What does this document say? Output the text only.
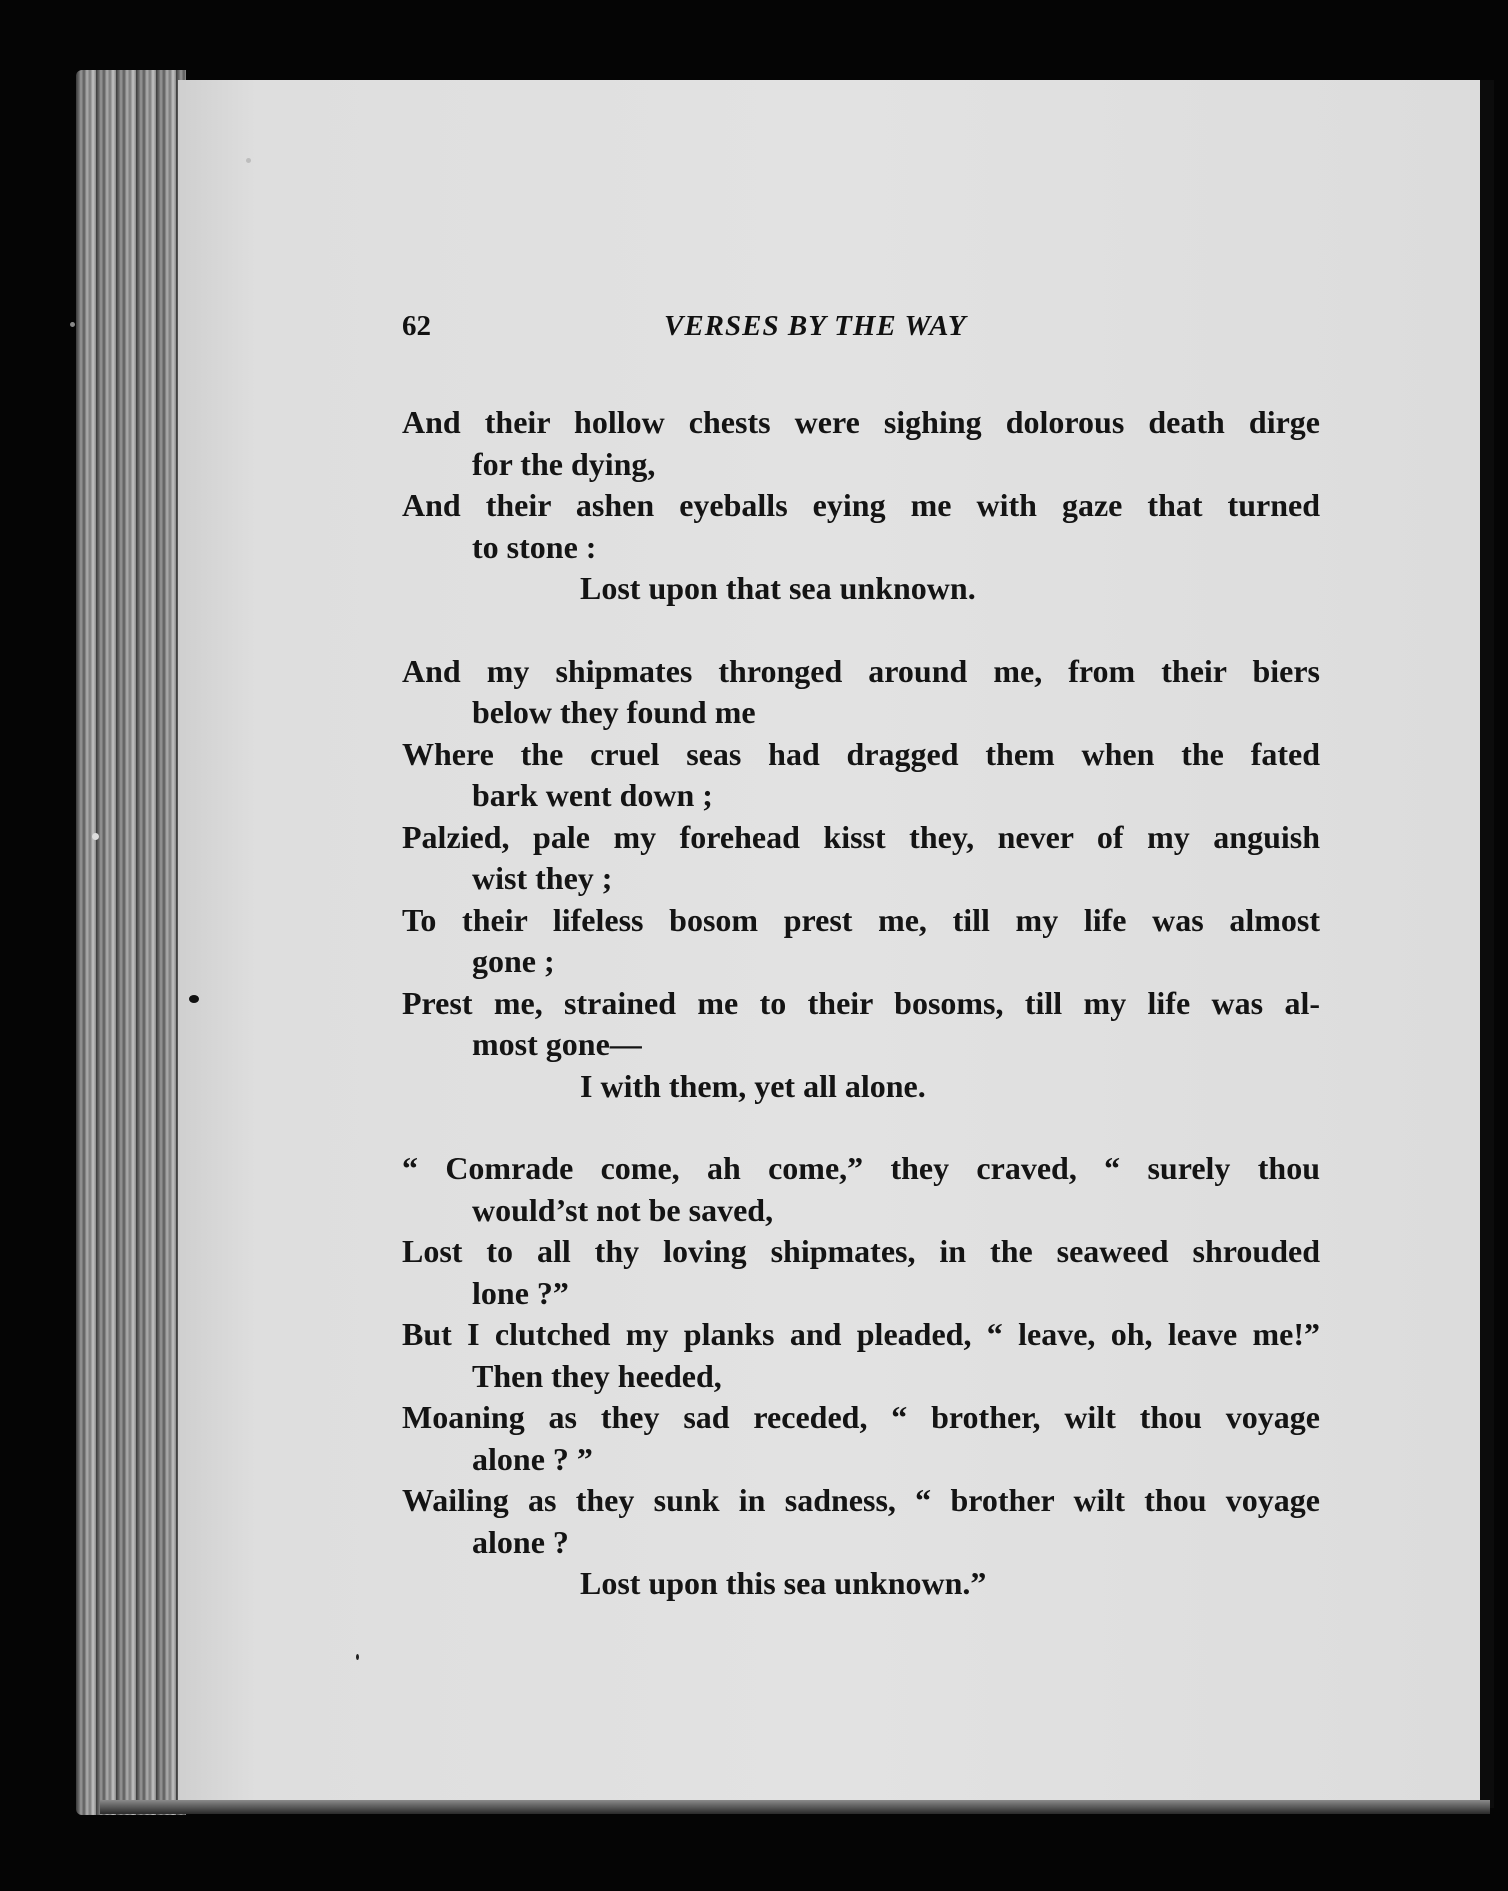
62	VERSES BY THE WAY
And their hollow chests were sighing dolorous death dirge
for the dying,
And their ashen eyeballs eying me with gaze that turned
to stone :
Lost upon that sea unknown.
And my shipmates thronged around me, from their biers
below they found me
Where the cruel seas had dragged them when the fated
bark went down ;
Palzied, pale my forehead kisst they, never of my anguish
wist they ;
To their lifeless bosom prest me, till my life was almost
gone ;
Prest me, strained me to their bosoms, till my life was al-
most gone—
I with them, yet all alone.
“ Comrade come, ah come,” they craved, “ surely thou
would’st not be saved,
Lost to all thy loving shipmates, in the seaweed shrouded
lone ?”
But I clutched my planks and pleaded, “ leave, oh, leave me!”
Then they heeded,
Moaning as they sad receded, “ brother, wilt thou voyage
alone ? ”
Wailing as they sunk in sadness, “ brother wilt thou voyage
alone ?
Lost upon this sea unknown.”
